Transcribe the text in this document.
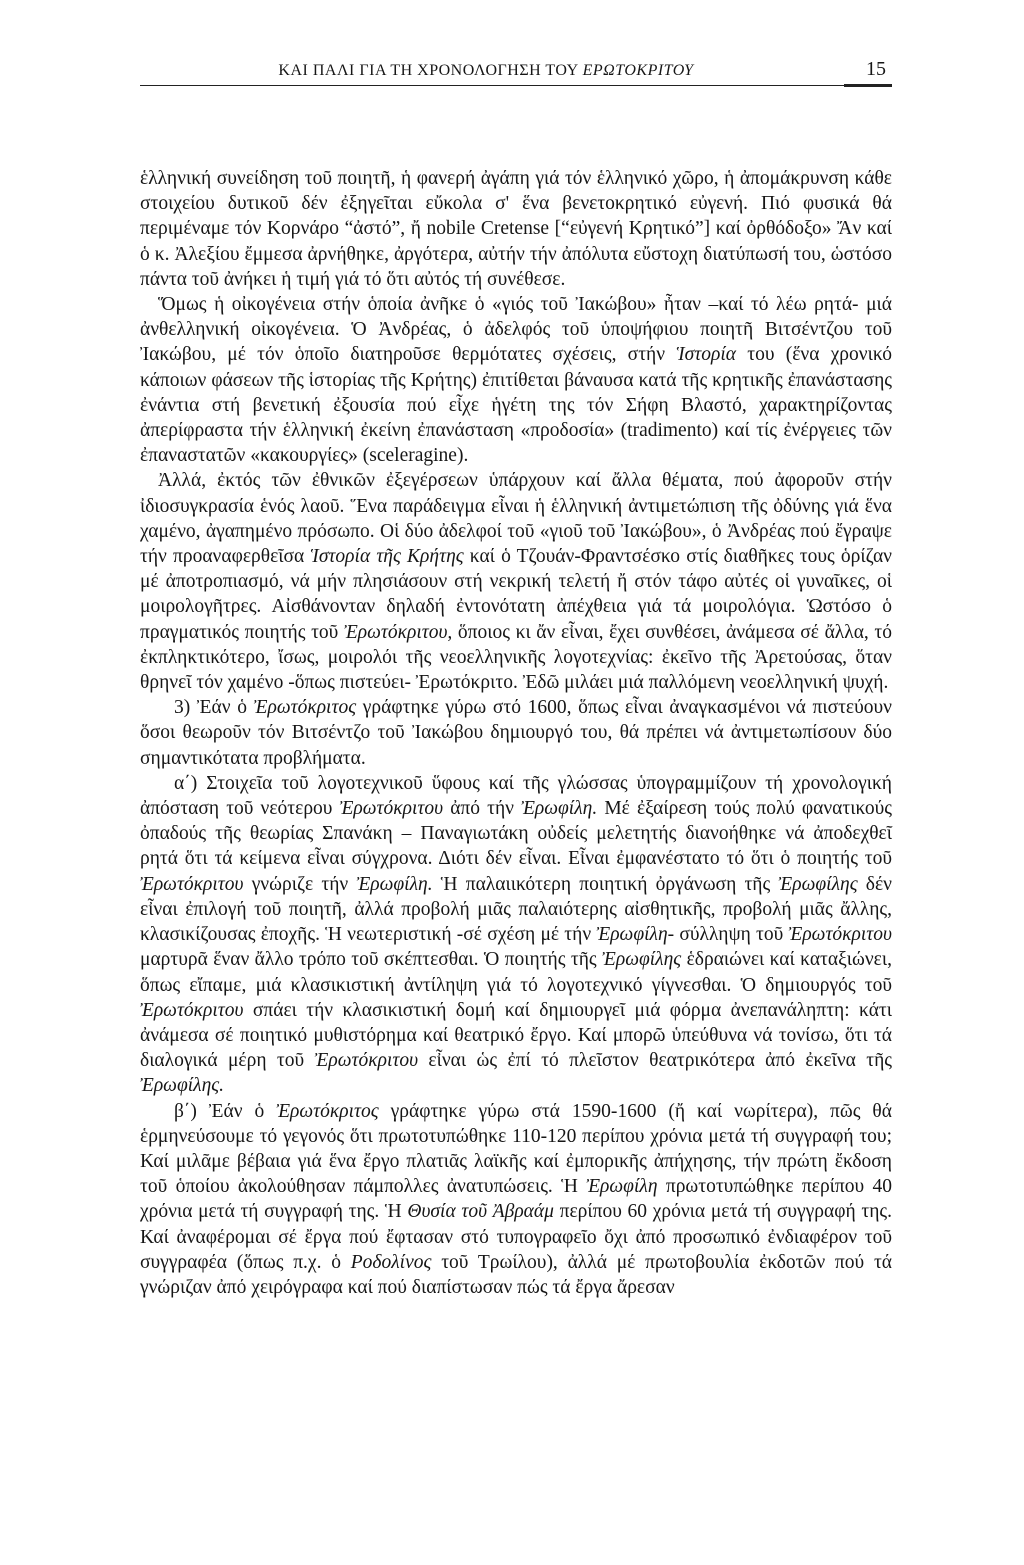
ΚΑΙ ΠΑΛΙ ΓΙΑ ΤΗ ΧΡΟΝΟΛΟΓΗΣΗ ΤΟΥ ΕΡΩΤΟΚΡΙΤΟΥ	15

ἑλληνική συνείδηση τοῦ ποιητῆ, ἡ φανερή ἀγάπη γιά τόν ἑλληνικό χῶρο, ἡ ἀπομάκρυνση κάθε στοιχείου δυτικοῦ δέν ἐξηγεῖται εὔκολα σ' ἕνα βενετοκρητικό εὐγενή. Πιό φυσικά θά περιμέναμε τόν Κορνάρο “ἀστό”, ἤ nobile Cretense [“εὐγενή Κρητικό”] καί ὀρθόδοξο» Ἄν καί ὁ κ. Ἀλεξίου ἔμμεσα ἀρνήθηκε, ἀργότερα, αὐτήν τήν ἀπόλυτα εὔστοχη διατύπωσή του, ὡστόσο πάντα τοῦ ἀνήκει ἡ τιμή γιά τό ὅτι αὐτός τή συνέθεσε.

Ὅμως ἡ οἰκογένεια στήν ὁποία ἀνῆκε ὁ «γιός τοῦ Ἰακώβου» ἦταν –καί τό λέω ρητά- μιά ἀνθελληνική οἰκογένεια. Ὁ Ἀνδρέας, ὁ ἀδελφός τοῦ ὑποψήφιου ποιητῆ Βιτσέντζου τοῦ Ἰακώβου, μέ τόν ὁποῖο διατηροῦσε θερμότατες σχέσεις, στήν Ἱστορία του (ἕνα χρονικό κάποιων φάσεων τῆς ἱστορίας τῆς Κρήτης) ἐπιτίθεται βάναυσα κατά τῆς κρητικῆς ἐπανάστασης ἐνάντια στή βενετική ἐξουσία πού εἶχε ἡγέτη της τόν Σήφη Βλαστό, χαρακτηρίζοντας ἀπερίφραστα τήν ἑλληνική ἐκείνη ἐπανάσταση «προδοσία» (tradimento) καί τίς ἐνέργειες τῶν ἐπαναστατῶν «κακουργίες» (sceleragine).

Ἀλλά, ἐκτός τῶν ἐθνικῶν ἐξεγέρσεων ὑπάρχουν καί ἄλλα θέματα, πού ἀφοροῦν στήν ἰδιοσυγκρασία ἑνός λαοῦ. Ἕνα παράδειγμα εἶναι ἡ ἑλληνική ἀντιμετώπιση τῆς ὀδύνης γιά ἕνα χαμένο, ἀγαπημένο πρόσωπο. Οἱ δύο ἀδελφοί τοῦ «γιοῦ τοῦ Ἰακώβου», ὁ Ἀνδρέας πού ἔγραψε τήν προαναφερθεῖσα Ἱστορία τῆς Κρήτης καί ὁ Τζουάν-Φραντσέσκο στίς διαθῆκες τους ὁρίζαν μέ ἀποτροπιασμό, νά μήν πλησιάσουν στή νεκρική τελετή ἤ στόν τάφο αὐτές οἱ γυναῖκες, οἱ μοιρολογῆτρες. Αἰσθάνονταν δηλαδή ἐντονότατη ἀπέχθεια γιά τά μοιρολόγια. Ὡστόσο ὁ πραγματικός ποιητής τοῦ Ἐρωτόκριτου, ὅποιος κι ἄν εἶναι, ἔχει συνθέσει, ἀνάμεσα σέ ἄλλα, τό ἐκπληκτικότερο, ἴσως, μοιρολόι τῆς νεοελληνικῆς λογοτεχνίας: ἐκεῖνο τῆς Ἀρετούσας, ὅταν θρηνεῖ τόν χαμένο -ὅπως πιστεύει- Ἐρωτόκριτο. Ἐδῶ μιλάει μιά παλλόμενη νεοελληνική ψυχή.

3) Ἐάν ὁ Ἐρωτόκριτος γράφτηκε γύρω στό 1600, ὅπως εἶναι ἀναγκασμένοι νά πιστεύουν ὅσοι θεωροῦν τόν Βιτσέντζο τοῦ Ἰακώβου δημιουργό του, θά πρέπει νά ἀντιμετωπίσουν δύο σημαντικότατα προβλήματα.

α΄) Στοιχεῖα τοῦ λογοτεχνικοῦ ὕφους καί τῆς γλώσσας ὑπογραμμίζουν τή χρονολογική ἀπόσταση τοῦ νεότερου Ἐρωτόκριτου ἀπό τήν Ἐρωφίλη. Μέ ἐξαίρεση τούς πολύ φανατικούς ὀπαδούς τῆς θεωρίας Σπανάκη – Παναγιωτάκη οὐδείς μελετητής διανοήθηκε νά ἀποδεχθεῖ ρητά ὅτι τά κείμενα εἶναι σύγχρονα. Διότι δέν εἶναι. Εἶναι ἐμφανέστατο τό ὅτι ὁ ποιητής τοῦ Ἐρωτόκριτου γνώριζε τήν Ἐρωφίλη. Ἡ παλαιικότερη ποιητική ὀργάνωση τῆς Ἐρωφίλης δέν εἶναι ἐπιλογή τοῦ ποιητῆ, ἀλλά προβολή μιᾶς παλαιότερης αἰσθητικῆς, προβολή μιᾶς ἄλλης, κλασικίζουσας ἐποχῆς. Ἡ νεωτεριστική -σέ σχέση μέ τήν Ἐρωφίλη- σύλληψη τοῦ Ἐρωτόκριτου μαρτυρᾶ ἕναν ἄλλο τρόπο τοῦ σκέπτεσθαι. Ὁ ποιητής τῆς Ἐρωφίλης ἑδραιώνει καί καταξιώνει, ὅπως εἴπαμε, μιά κλασικιστική ἀντίληψη γιά τό λογοτεχνικό γίγνεσθαι. Ὁ δημιουργός τοῦ Ἐρωτόκριτου σπάει τήν κλασικιστική δομή καί δημιουργεῖ μιά φόρμα ἀνεπανάληπτη: κάτι ἀνάμεσα σέ ποιητικό μυθιστόρημα καί θεατρικό ἔργο. Καί μπορῶ ὑπεύθυνα νά τονίσω, ὅτι τά διαλογικά μέρη τοῦ Ἐρωτόκριτου εἶναι ὡς ἐπί τό πλεῖστον θεατρικότερα ἀπό ἐκεῖνα τῆς Ἐρωφίλης.

β΄) Ἐάν ὁ Ἐρωτόκριτος γράφτηκε γύρω στά 1590-1600 (ἤ καί νωρίτερα), πῶς θά ἑρμηνεύσουμε τό γεγονός ὅτι πρωτοτυπώθηκε 110-120 περίπου χρόνια μετά τή συγγραφή του; Καί μιλᾶμε βέβαια γιά ἕνα ἔργο πλατιᾶς λαϊκῆς καί ἐμπορικῆς ἀπήχησης, τήν πρώτη ἔκδοση τοῦ ὁποίου ἀκολούθησαν πάμπολλες ἀνατυπώσεις. Ἡ Ἐρωφίλη πρωτοτυπώθηκε περίπου 40 χρόνια μετά τή συγγραφή της. Ἡ Θυσία τοῦ Ἀβραάμ περίπου 60 χρόνια μετά τή συγγραφή της. Καί ἀναφέρομαι σέ ἔργα πού ἔφτασαν στό τυπογραφεῖο ὄχι ἀπό προσωπικό ἐνδιαφέρον τοῦ συγγραφέα (ὅπως π.χ. ὁ Ροδολίνος τοῦ Τρωίλου), ἀλλά μέ πρωτοβουλία ἐκδοτῶν πού τά γνώριζαν ἀπό χειρόγραφα καί πού διαπίστωσαν πώς τά ἔργα ἄρεσαν
